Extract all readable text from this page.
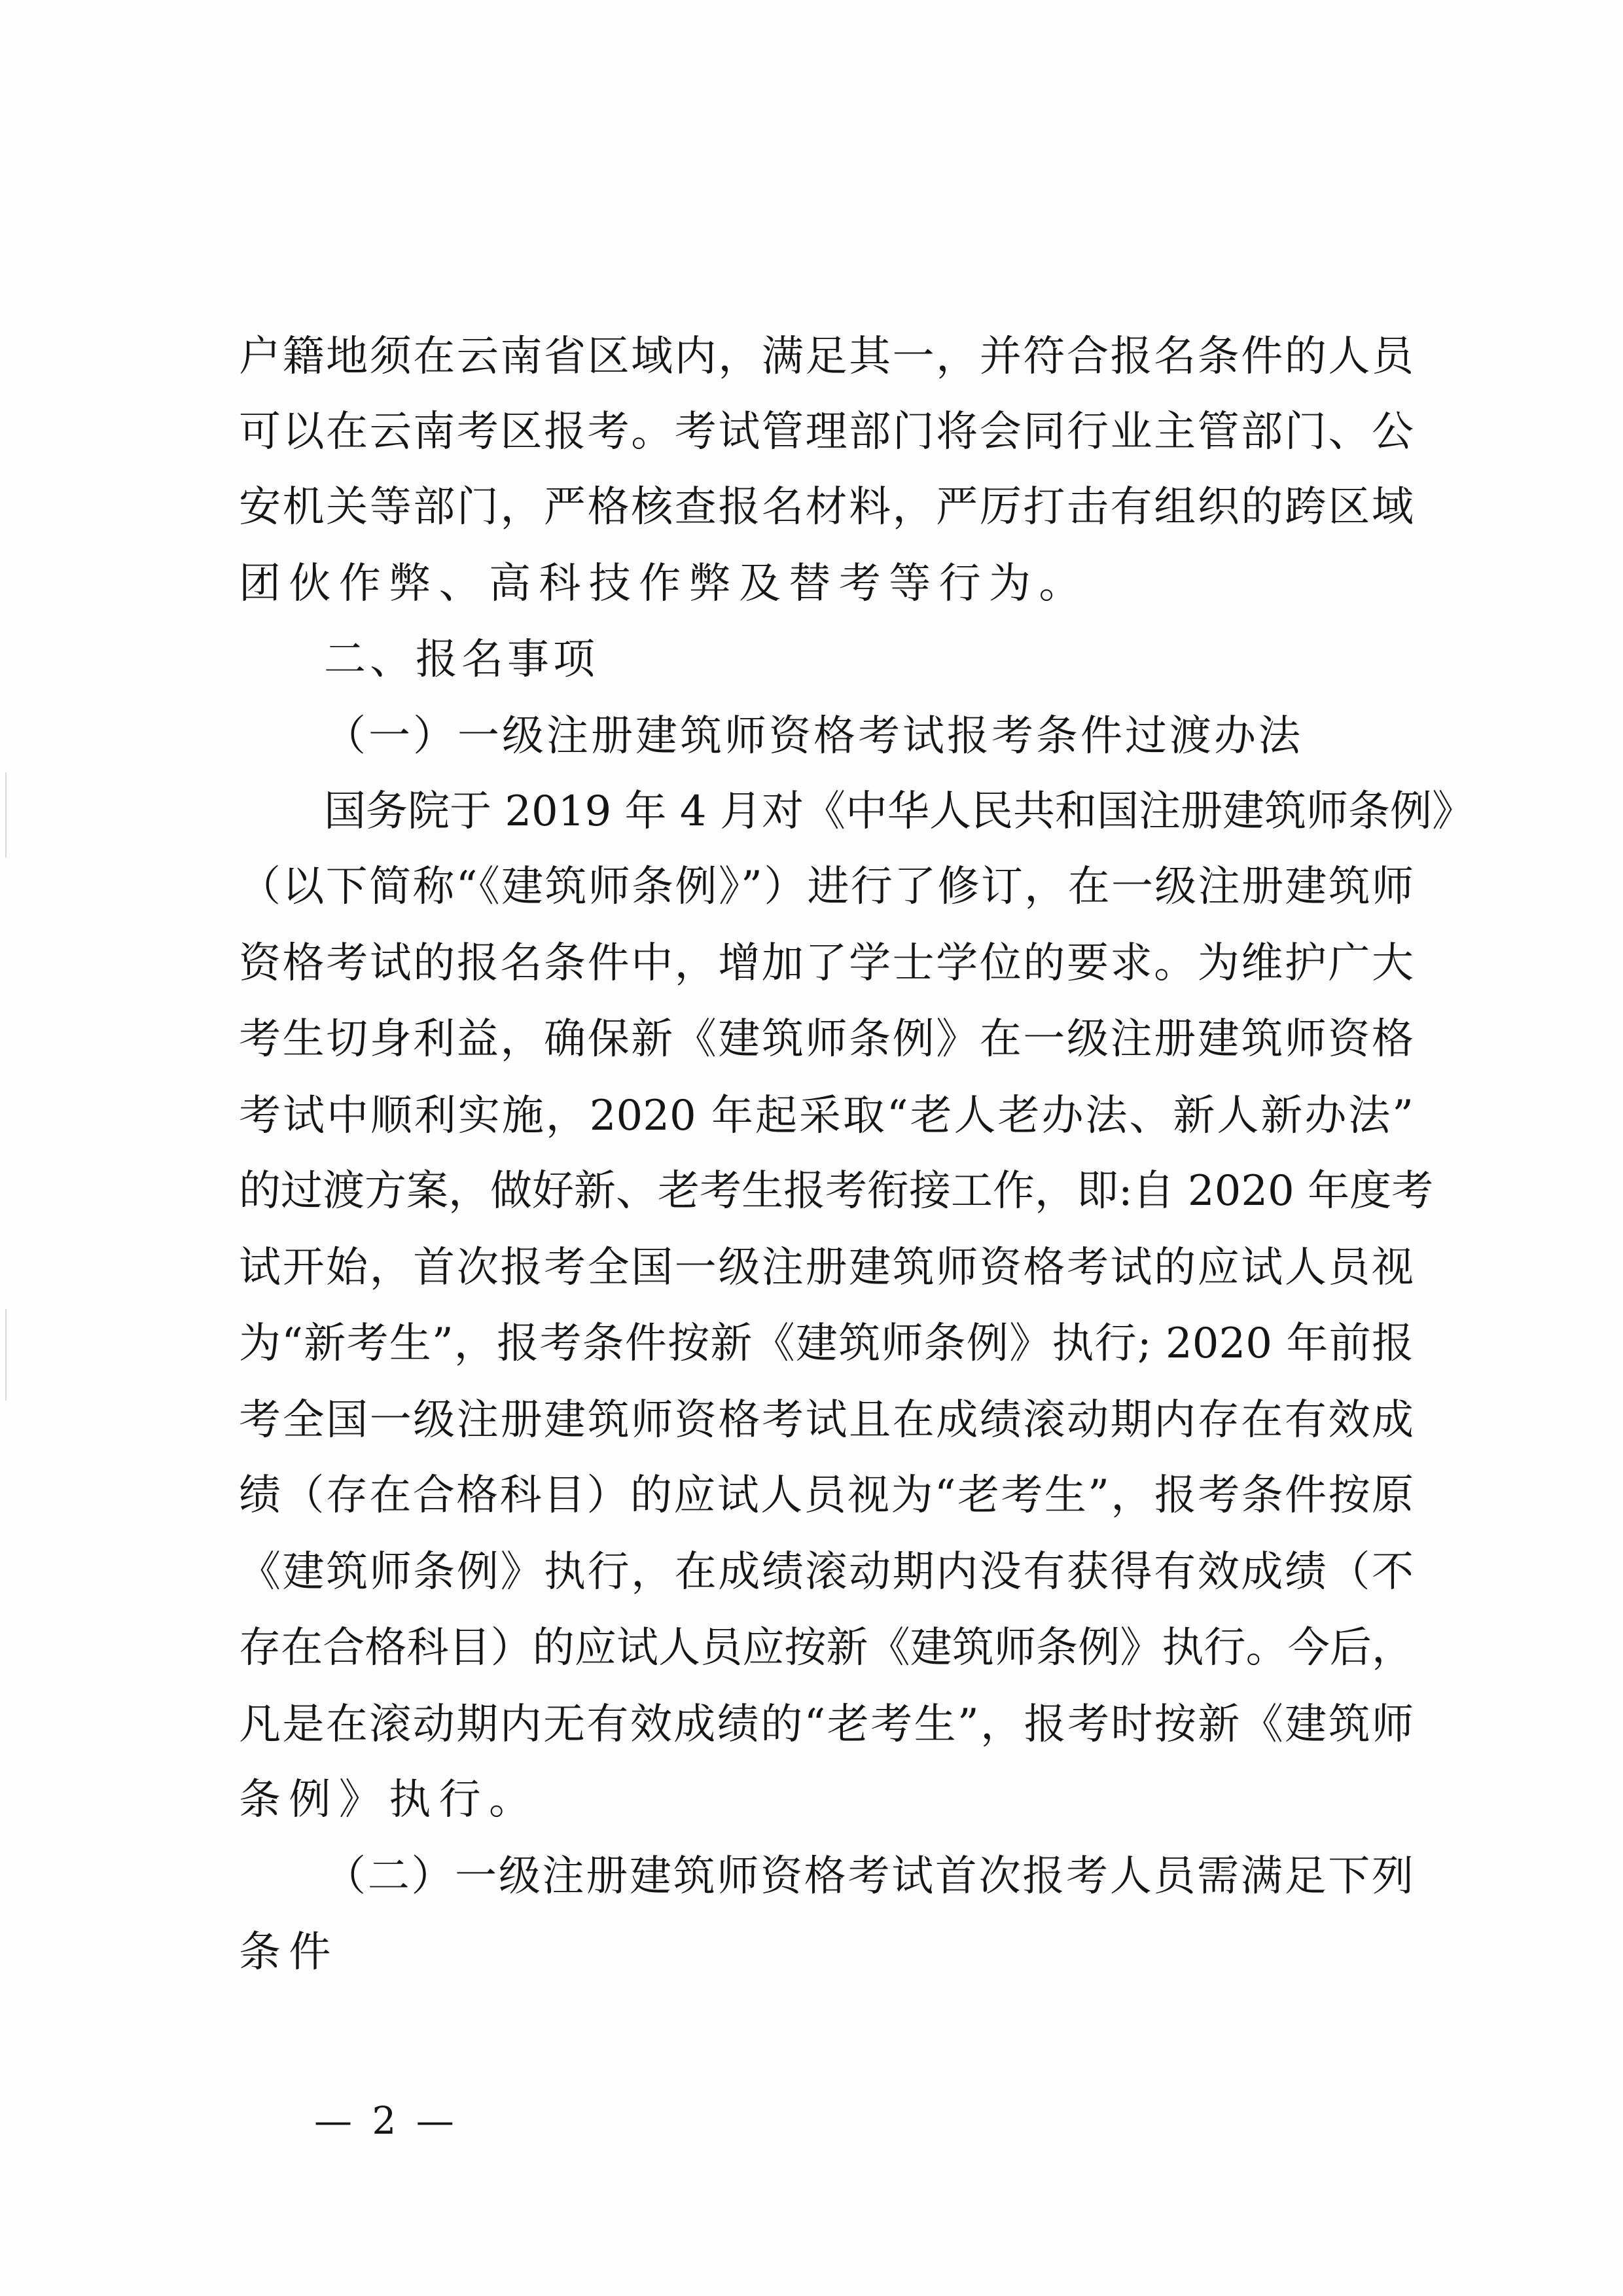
户籍地须在云南省区域内，满足其一，并符合报名条件的人员
可以在云南考区报考。考试管理部门将会同行业主管部门、公
安机关等部门，严格核查报名材料，严厉打击有组织的跨区域
团伙作弊、高科技作弊及替考等行为。
二、报名事项
（一）一级注册建筑师资格考试报考条件过渡办法
国务院于 2019 年 4 月对《中华人民共和国注册建筑师条例》
（以下简称“《建筑师条例》”）进行了修订，在一级注册建筑师
资格考试的报名条件中，增加了学士学位的要求。为维护广大
考生切身利益，确保新《建筑师条例》在一级注册建筑师资格
考试中顺利实施，2020 年起采取“老人老办法、新人新办法”
的过渡方案，做好新、老考生报考衔接工作，即:自 2020 年度考
试开始，首次报考全国一级注册建筑师资格考试的应试人员视
为“新考生”，报考条件按新《建筑师条例》执行; 2020 年前报
考全国一级注册建筑师资格考试且在成绩滚动期内存在有效成
绩（存在合格科目）的应试人员视为“老考生”，报考条件按原
《建筑师条例》执行，在成绩滚动期内没有获得有效成绩（不
存在合格科目）的应试人员应按新《建筑师条例》执行。今后，
凡是在滚动期内无有效成绩的“老考生”，报考时按新《建筑师
条例》执行。
（二）一级注册建筑师资格考试首次报考人员需满足下列
条件
— 2 —
